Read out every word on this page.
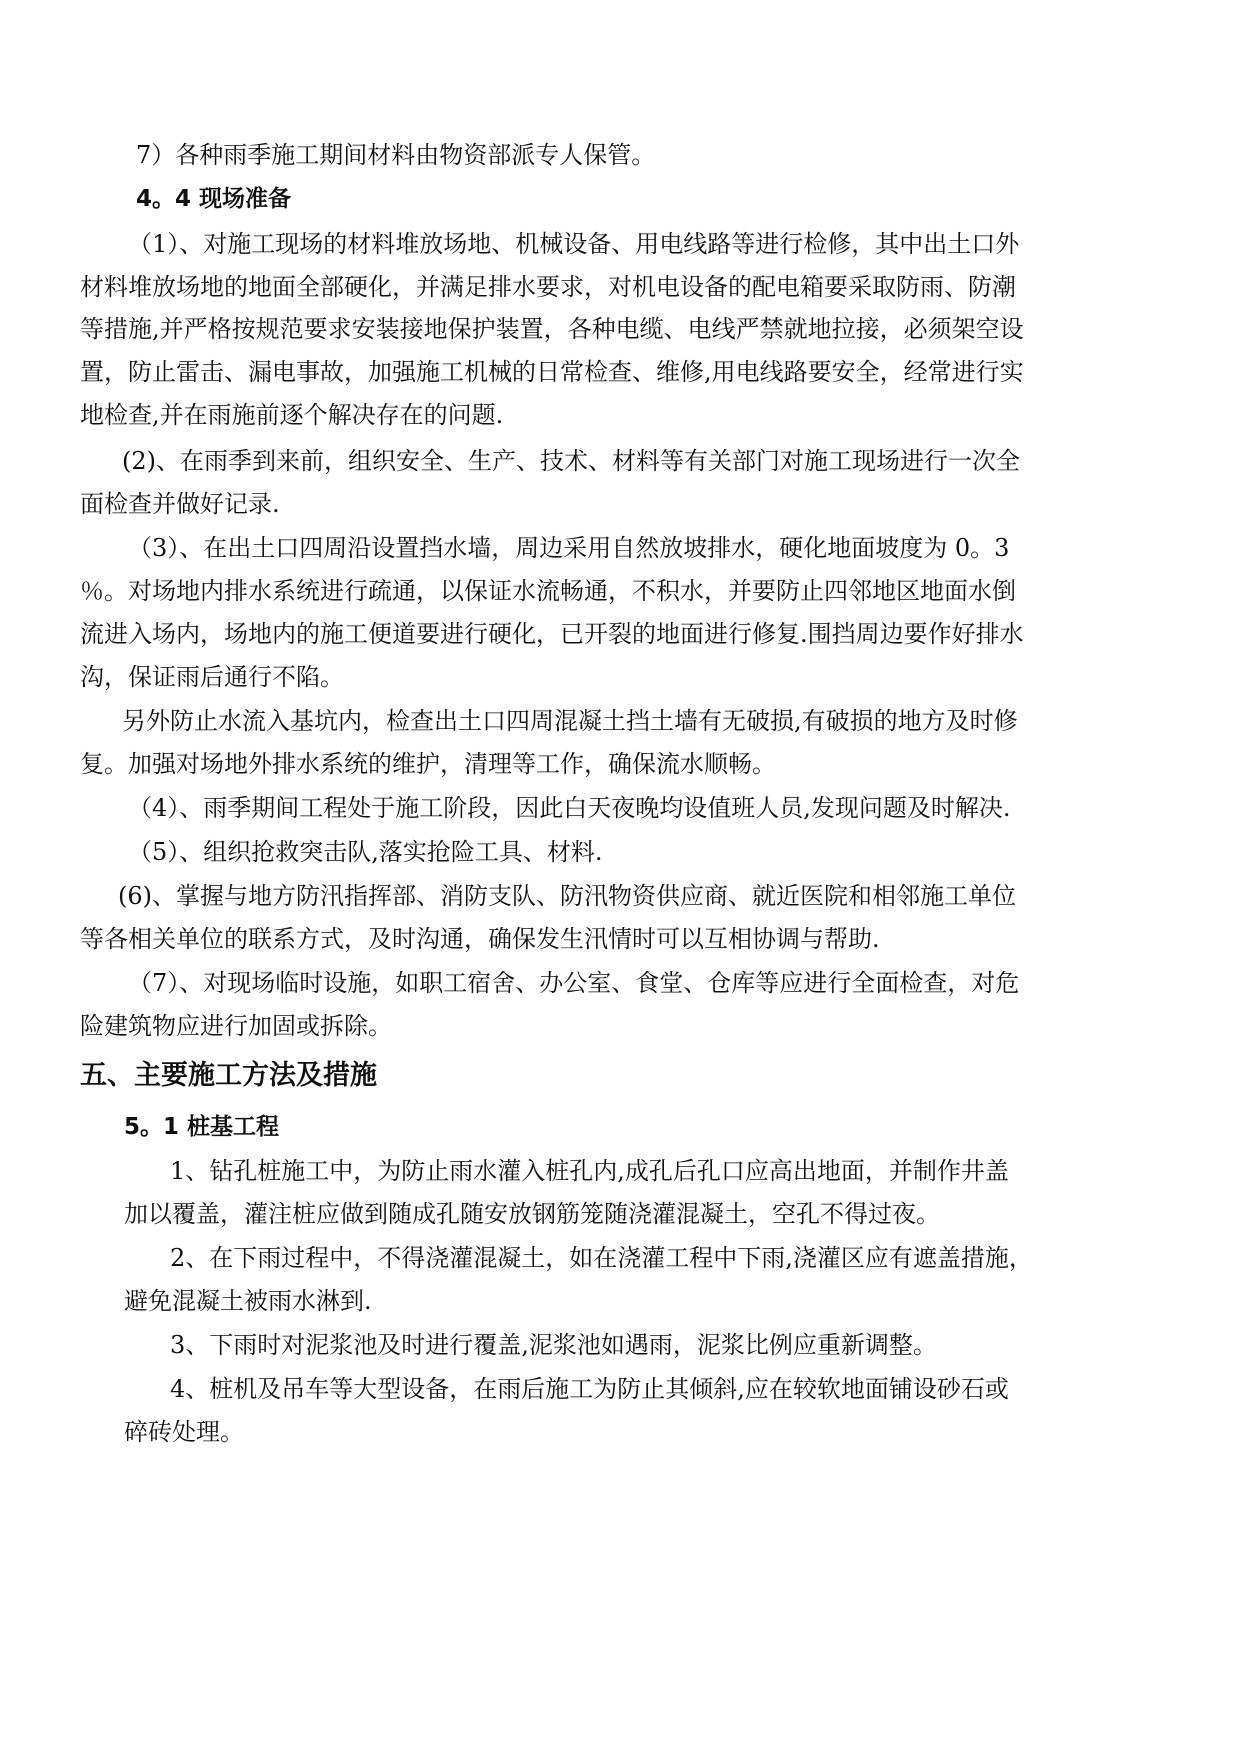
7）各种雨季施工期间材料由物资部派专人保管。

4。4 现场准备

（1）、对施工现场的材料堆放场地、机械设备、用电线路等进行检修，其中出土口外

材料堆放场地的地面全部硬化，并满足排水要求，对机电设备的配电箱要采取防雨、防潮

等措施,并严格按规范要求安装接地保护装置，各种电缆、电线严禁就地拉接，必须架空设

置，防止雷击、漏电事故，加强施工机械的日常检查、维修,用电线路要安全，经常进行实

地检查,并在雨施前逐个解决存在的问题.

(2)、在雨季到来前，组织安全、生产、技术、材料等有关部门对施工现场进行一次全

面检查并做好记录.

（3）、在出土口四周沿设置挡水墙，周边采用自然放坡排水，硬化地面坡度为 0。3

％。对场地内排水系统进行疏通，以保证水流畅通，不积水，并要防止四邻地区地面水倒

流进入场内，场地内的施工便道要进行硬化，已开裂的地面进行修复.围挡周边要作好排水

沟，保证雨后通行不陷。

另外防止水流入基坑内，检查出土口四周混凝土挡土墙有无破损,有破损的地方及时修

复。加强对场地外排水系统的维护，清理等工作，确保流水顺畅。

（4）、雨季期间工程处于施工阶段，因此白天夜晚均设值班人员,发现问题及时解决.

（5）、组织抢救突击队,落实抢险工具、材料.

(6)、掌握与地方防汛指挥部、消防支队、防汛物资供应商、就近医院和相邻施工单位

等各相关单位的联系方式，及时沟通，确保发生汛情时可以互相协调与帮助.

（7）、对现场临时设施，如职工宿舍、办公室、食堂、仓库等应进行全面检查，对危

险建筑物应进行加固或拆除。

五、主要施工方法及措施

5。1 桩基工程

1、钻孔桩施工中，为防止雨水灌入桩孔内,成孔后孔口应高出地面，并制作井盖

加以覆盖，灌注桩应做到随成孔随安放钢筋笼随浇灌混凝土，空孔不得过夜。

2、在下雨过程中，不得浇灌混凝土，如在浇灌工程中下雨,浇灌区应有遮盖措施，

避免混凝土被雨水淋到.

3、下雨时对泥浆池及时进行覆盖,泥浆池如遇雨，泥浆比例应重新调整。

4、桩机及吊车等大型设备，在雨后施工为防止其倾斜,应在较软地面铺设砂石或

碎砖处理。
